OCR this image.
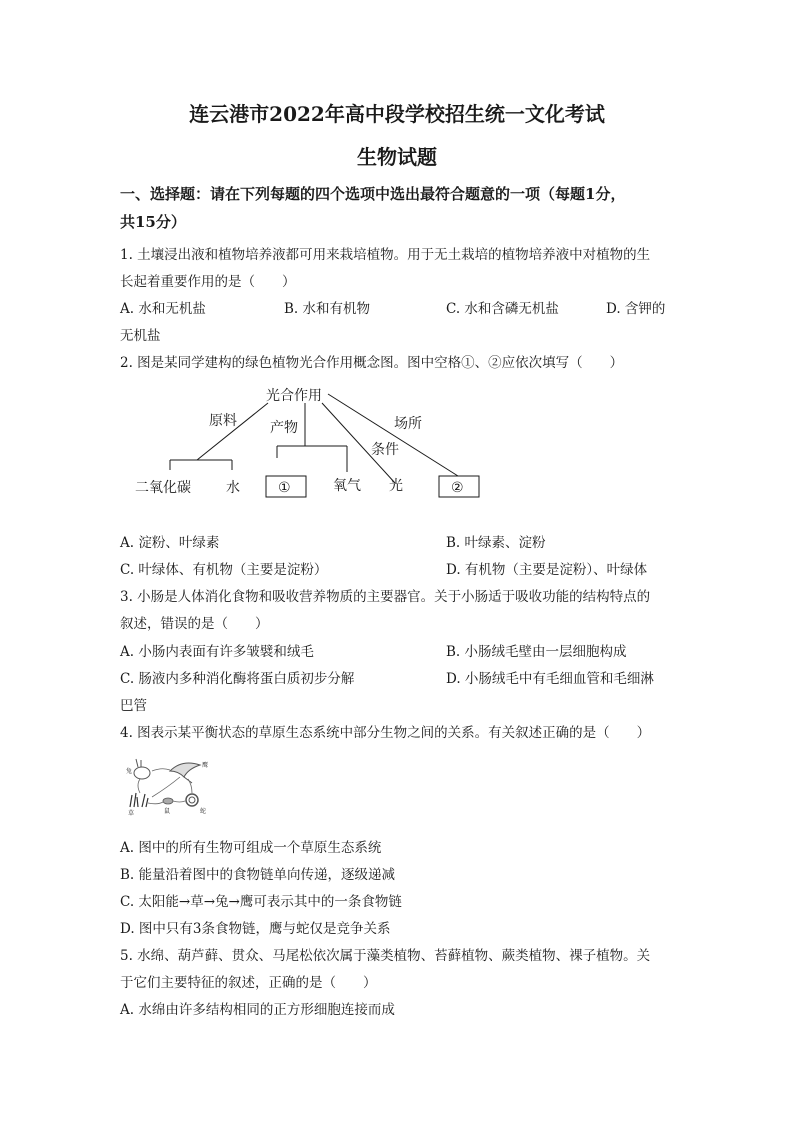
连云港市2022年高中段学校招生统一文化考试
生物试题
一、选择题：请在下列每题的四个选项中选出最符合题意的一项（每题1分，
共15分）
1. 土壤浸出液和植物培养液都可用来栽培植物。用于无土栽培的植物培养液中对植物的生
长起着重要作用的是（　　）
A. 水和无机盐	B. 水和有机物	C. 水和含磷无机盐	D. 含钾的
无机盐
2. 图是某同学建构的绿色植物光合作用概念图。图中空格①、②应依次填写（　　）
光合作用
原料 产物	场所
条件
二氧化碳	水	①	氧气 光	②
A. 淀粉、叶绿素	B. 叶绿素、淀粉
C. 叶绿体、有机物（主要是淀粉）	D. 有机物（主要是淀粉）、叶绿体
3. 小肠是人体消化食物和吸收营养物质的主要器官。关于小肠适于吸收功能的结构特点的
叙述，错误的是（　　）
A. 小肠内表面有许多皱襞和绒毛	B. 小肠绒毛壁由一层细胞构成
C. 肠液内多种消化酶将蛋白质初步分解	D. 小肠绒毛中有毛细血管和毛细淋
巴管
4. 图表示某平衡状态的草原生态系统中部分生物之间的关系。有关叙述正确的是（　　）
兔
鹰
草	鼠	蛇
A. 图中的所有生物可组成一个草原生态系统
B. 能量沿着图中的食物链单向传递，逐级递减
C. 太阳能→草→兔→鹰可表示其中的一条食物链
D. 图中只有3条食物链，鹰与蛇仅是竞争关系
5. 水绵、葫芦藓、贯众、马尾松依次属于藻类植物、苔藓植物、蕨类植物、裸子植物。关
于它们主要特征的叙述，正确的是（　　）
A. 水绵由许多结构相同的正方形细胞连接而成
